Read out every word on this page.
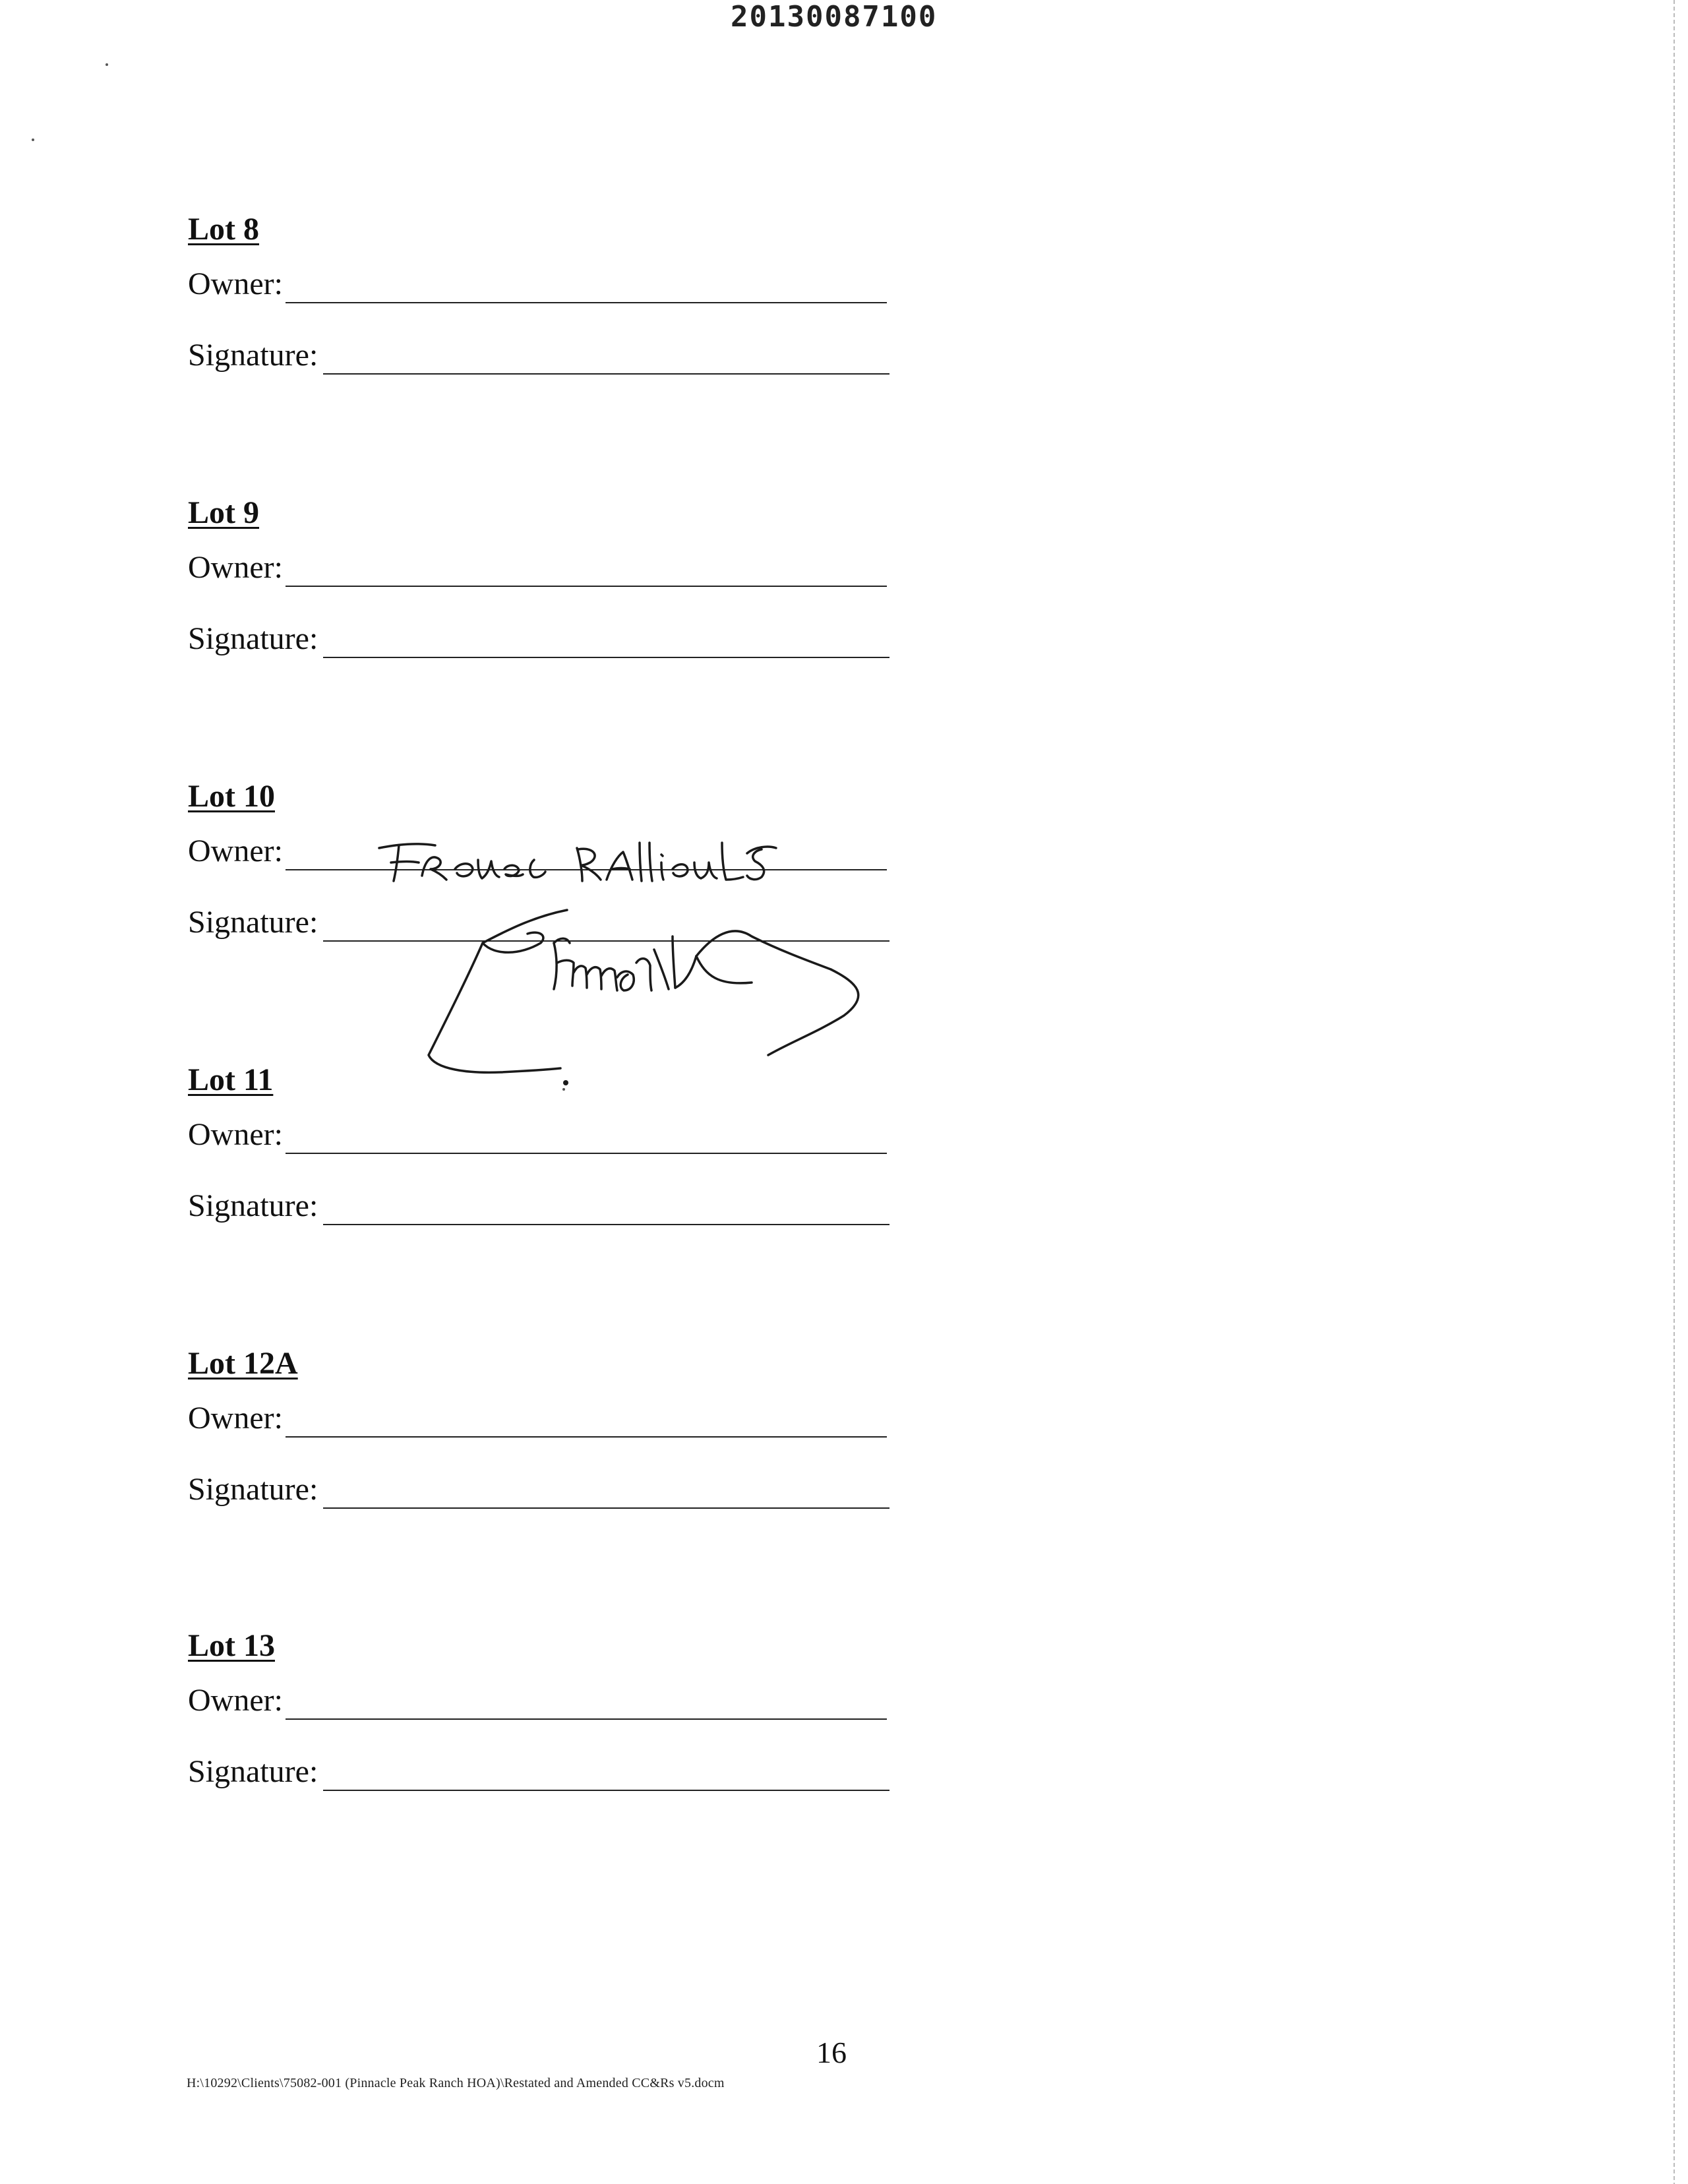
20130087100
Lot 8
Owner:
Signature:
Lot 9
Owner:
Signature:
Lot 10
Owner:
Signature:
Lot 11
Owner:
Signature:
Lot 12A
Owner:
Signature:
Lot 13
Owner:
Signature:
16
H:\10292\Clients\75082-001 (Pinnacle Peak Ranch HOA)\Restated and Amended CC&Rs v5.docm
